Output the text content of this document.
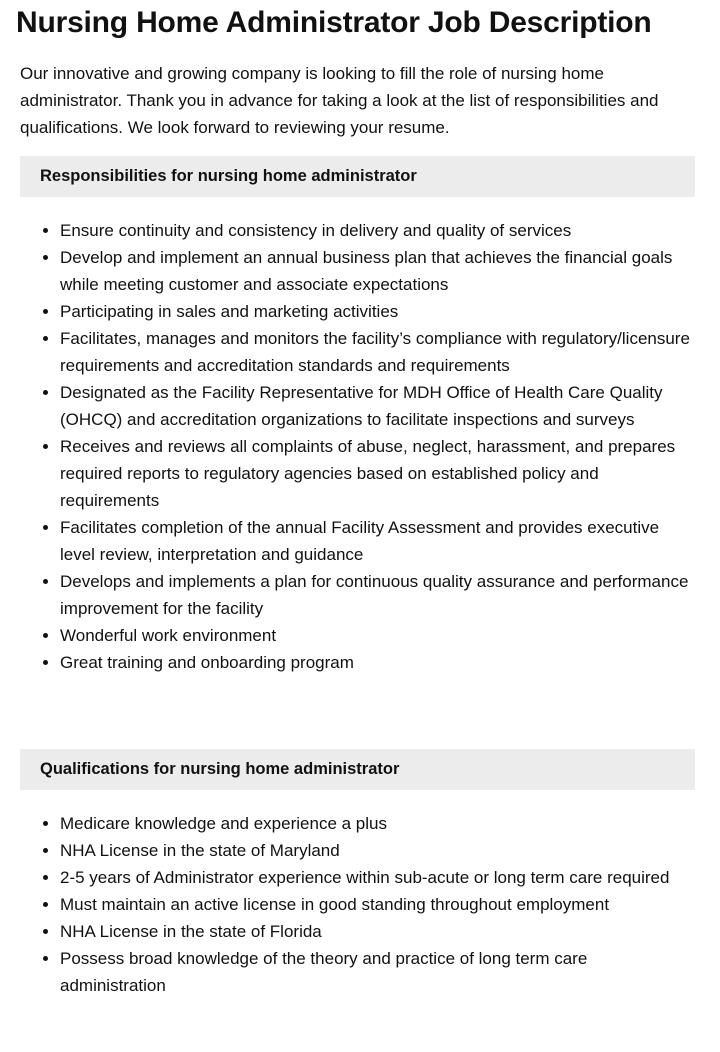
Nursing Home Administrator Job Description

Our innovative and growing company is looking to fill the role of nursing home administrator. Thank you in advance for taking a look at the list of responsibilities and qualifications. We look forward to reviewing your resume.

Responsibilities for nursing home administrator
• Ensure continuity and consistency in delivery and quality of services
• Develop and implement an annual business plan that achieves the financial goals while meeting customer and associate expectations
• Participating in sales and marketing activities
• Facilitates, manages and monitors the facility’s compliance with regulatory/licensure requirements and accreditation standards and requirements
• Designated as the Facility Representative for MDH Office of Health Care Quality (OHCQ) and accreditation organizations to facilitate inspections and surveys
• Receives and reviews all complaints of abuse, neglect, harassment, and prepares required reports to regulatory agencies based on established policy and requirements
• Facilitates completion of the annual Facility Assessment and provides executive level review, interpretation and guidance
• Develops and implements a plan for continuous quality assurance and performance improvement for the facility
• Wonderful work environment
• Great training and onboarding program
Qualifications for nursing home administrator
• Medicare knowledge and experience a plus
• NHA License in the state of Maryland
• 2-5 years of Administrator experience within sub-acute or long term care required
• Must maintain an active license in good standing throughout employment
• NHA License in the state of Florida
• Possess broad knowledge of the theory and practice of long term care administration
